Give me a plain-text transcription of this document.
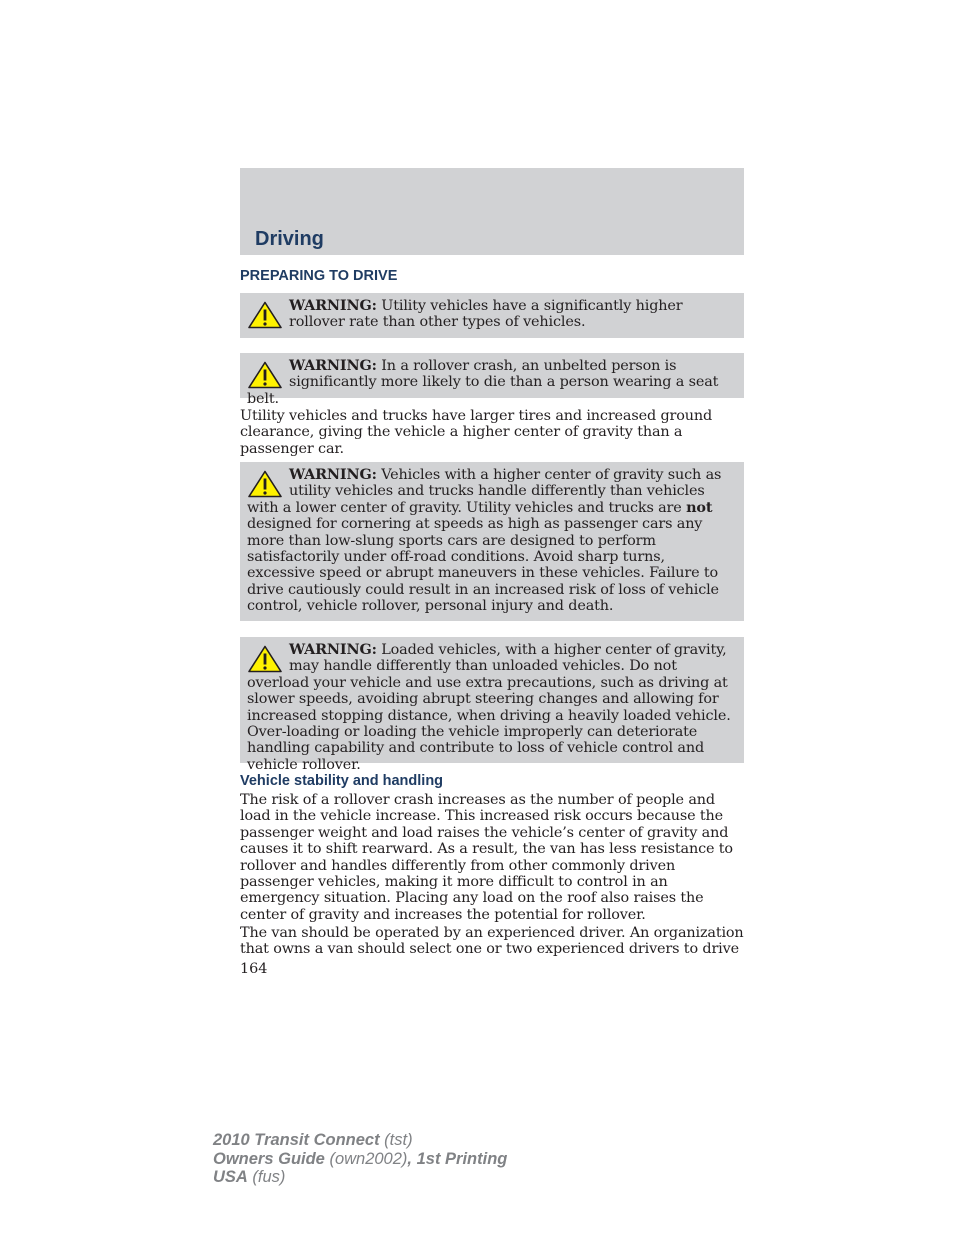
Driving
PREPARING TO DRIVE

WARNING: Utility vehicles have a significantly higher rollover rate than other types of vehicles.

WARNING: In a rollover crash, an unbelted person is significantly more likely to die than a person wearing a seat belt.

Utility vehicles and trucks have larger tires and increased ground clearance, giving the vehicle a higher center of gravity than a passenger car.

WARNING: Vehicles with a higher center of gravity such as utility vehicles and trucks handle differently than vehicles with a lower center of gravity. Utility vehicles and trucks are not designed for cornering at speeds as high as passenger cars any more than low-slung sports cars are designed to perform satisfactorily under off-road conditions. Avoid sharp turns, excessive speed or abrupt maneuvers in these vehicles. Failure to drive cautiously could result in an increased risk of loss of vehicle control, vehicle rollover, personal injury and death.

WARNING: Loaded vehicles, with a higher center of gravity, may handle differently than unloaded vehicles. Do not overload your vehicle and use extra precautions, such as driving at slower speeds, avoiding abrupt steering changes and allowing for increased stopping distance, when driving a heavily loaded vehicle. Over-loading or loading the vehicle improperly can deteriorate handling capability and contribute to loss of vehicle control and vehicle rollover.

Vehicle stability and handling

The risk of a rollover crash increases as the number of people and load in the vehicle increase. This increased risk occurs because the passenger weight and load raises the vehicle’s center of gravity and causes it to shift rearward. As a result, the van has less resistance to rollover and handles differently from other commonly driven passenger vehicles, making it more difficult to control in an emergency situation. Placing any load on the roof also raises the center of gravity and increases the potential for rollover.

The van should be operated by an experienced driver. An organization that owns a van should select one or two experienced drivers to drive

164

2010 Transit Connect (tst)
Owners Guide (own2002), 1st Printing
USA (fus)
